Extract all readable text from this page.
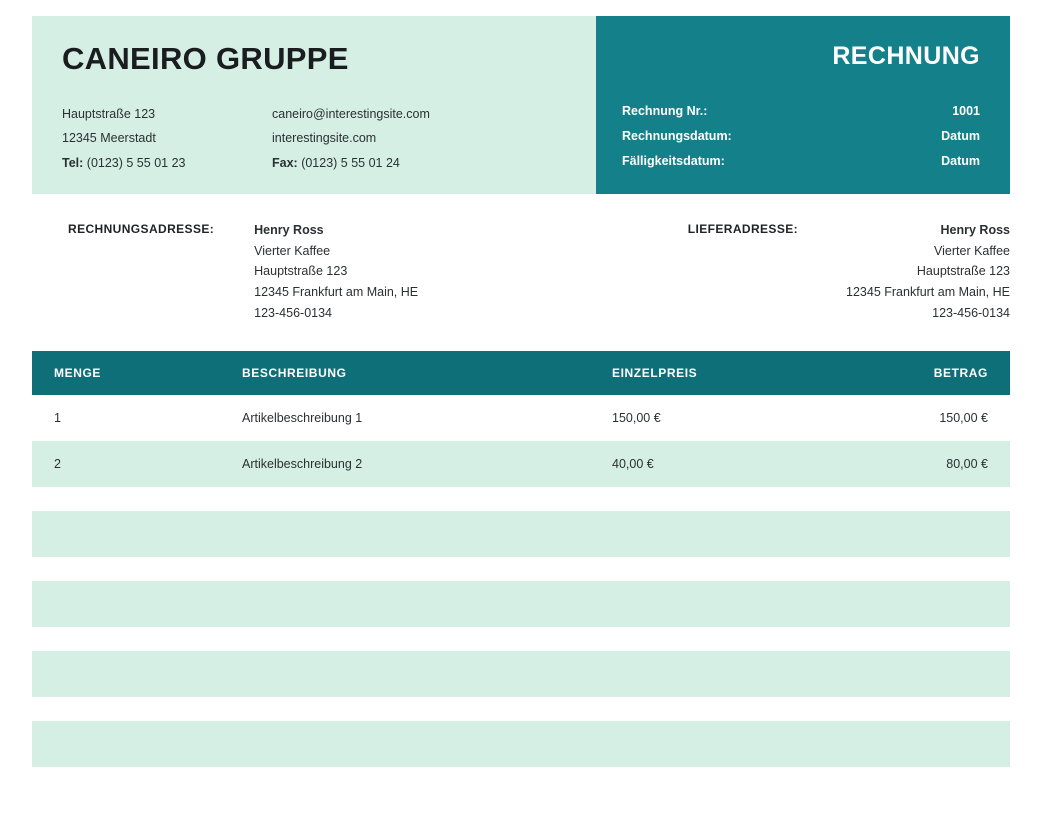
CANEIRO GRUPPE
Hauptstraße 123
12345 Meerstadt
Tel: (0123) 5 55 01 23
caneiro@interestingsite.com
interestingsite.com
Fax: (0123) 5 55 01 24
RECHNUNG
Rechnung Nr.:	1001
Rechnungsdatum:	Datum
Fälligkeitsdatum:	Datum
RECHNUNGSADRESSE:	Henry Ross
Vierter Kaffee
Hauptstraße 123
12345 Frankfurt am Main, HE
123-456-0134
LIEFERADRESSE:	Henry Ross
Vierter Kaffee
Hauptstraße 123
12345 Frankfurt am Main, HE
123-456-0134
MENGE	BESCHREIBUNG	EINZELPREIS	BETRAG
1	Artikelbeschreibung 1	150,00 €	150,00 €
2	Artikelbeschreibung 2	40,00 €	80,00 €
